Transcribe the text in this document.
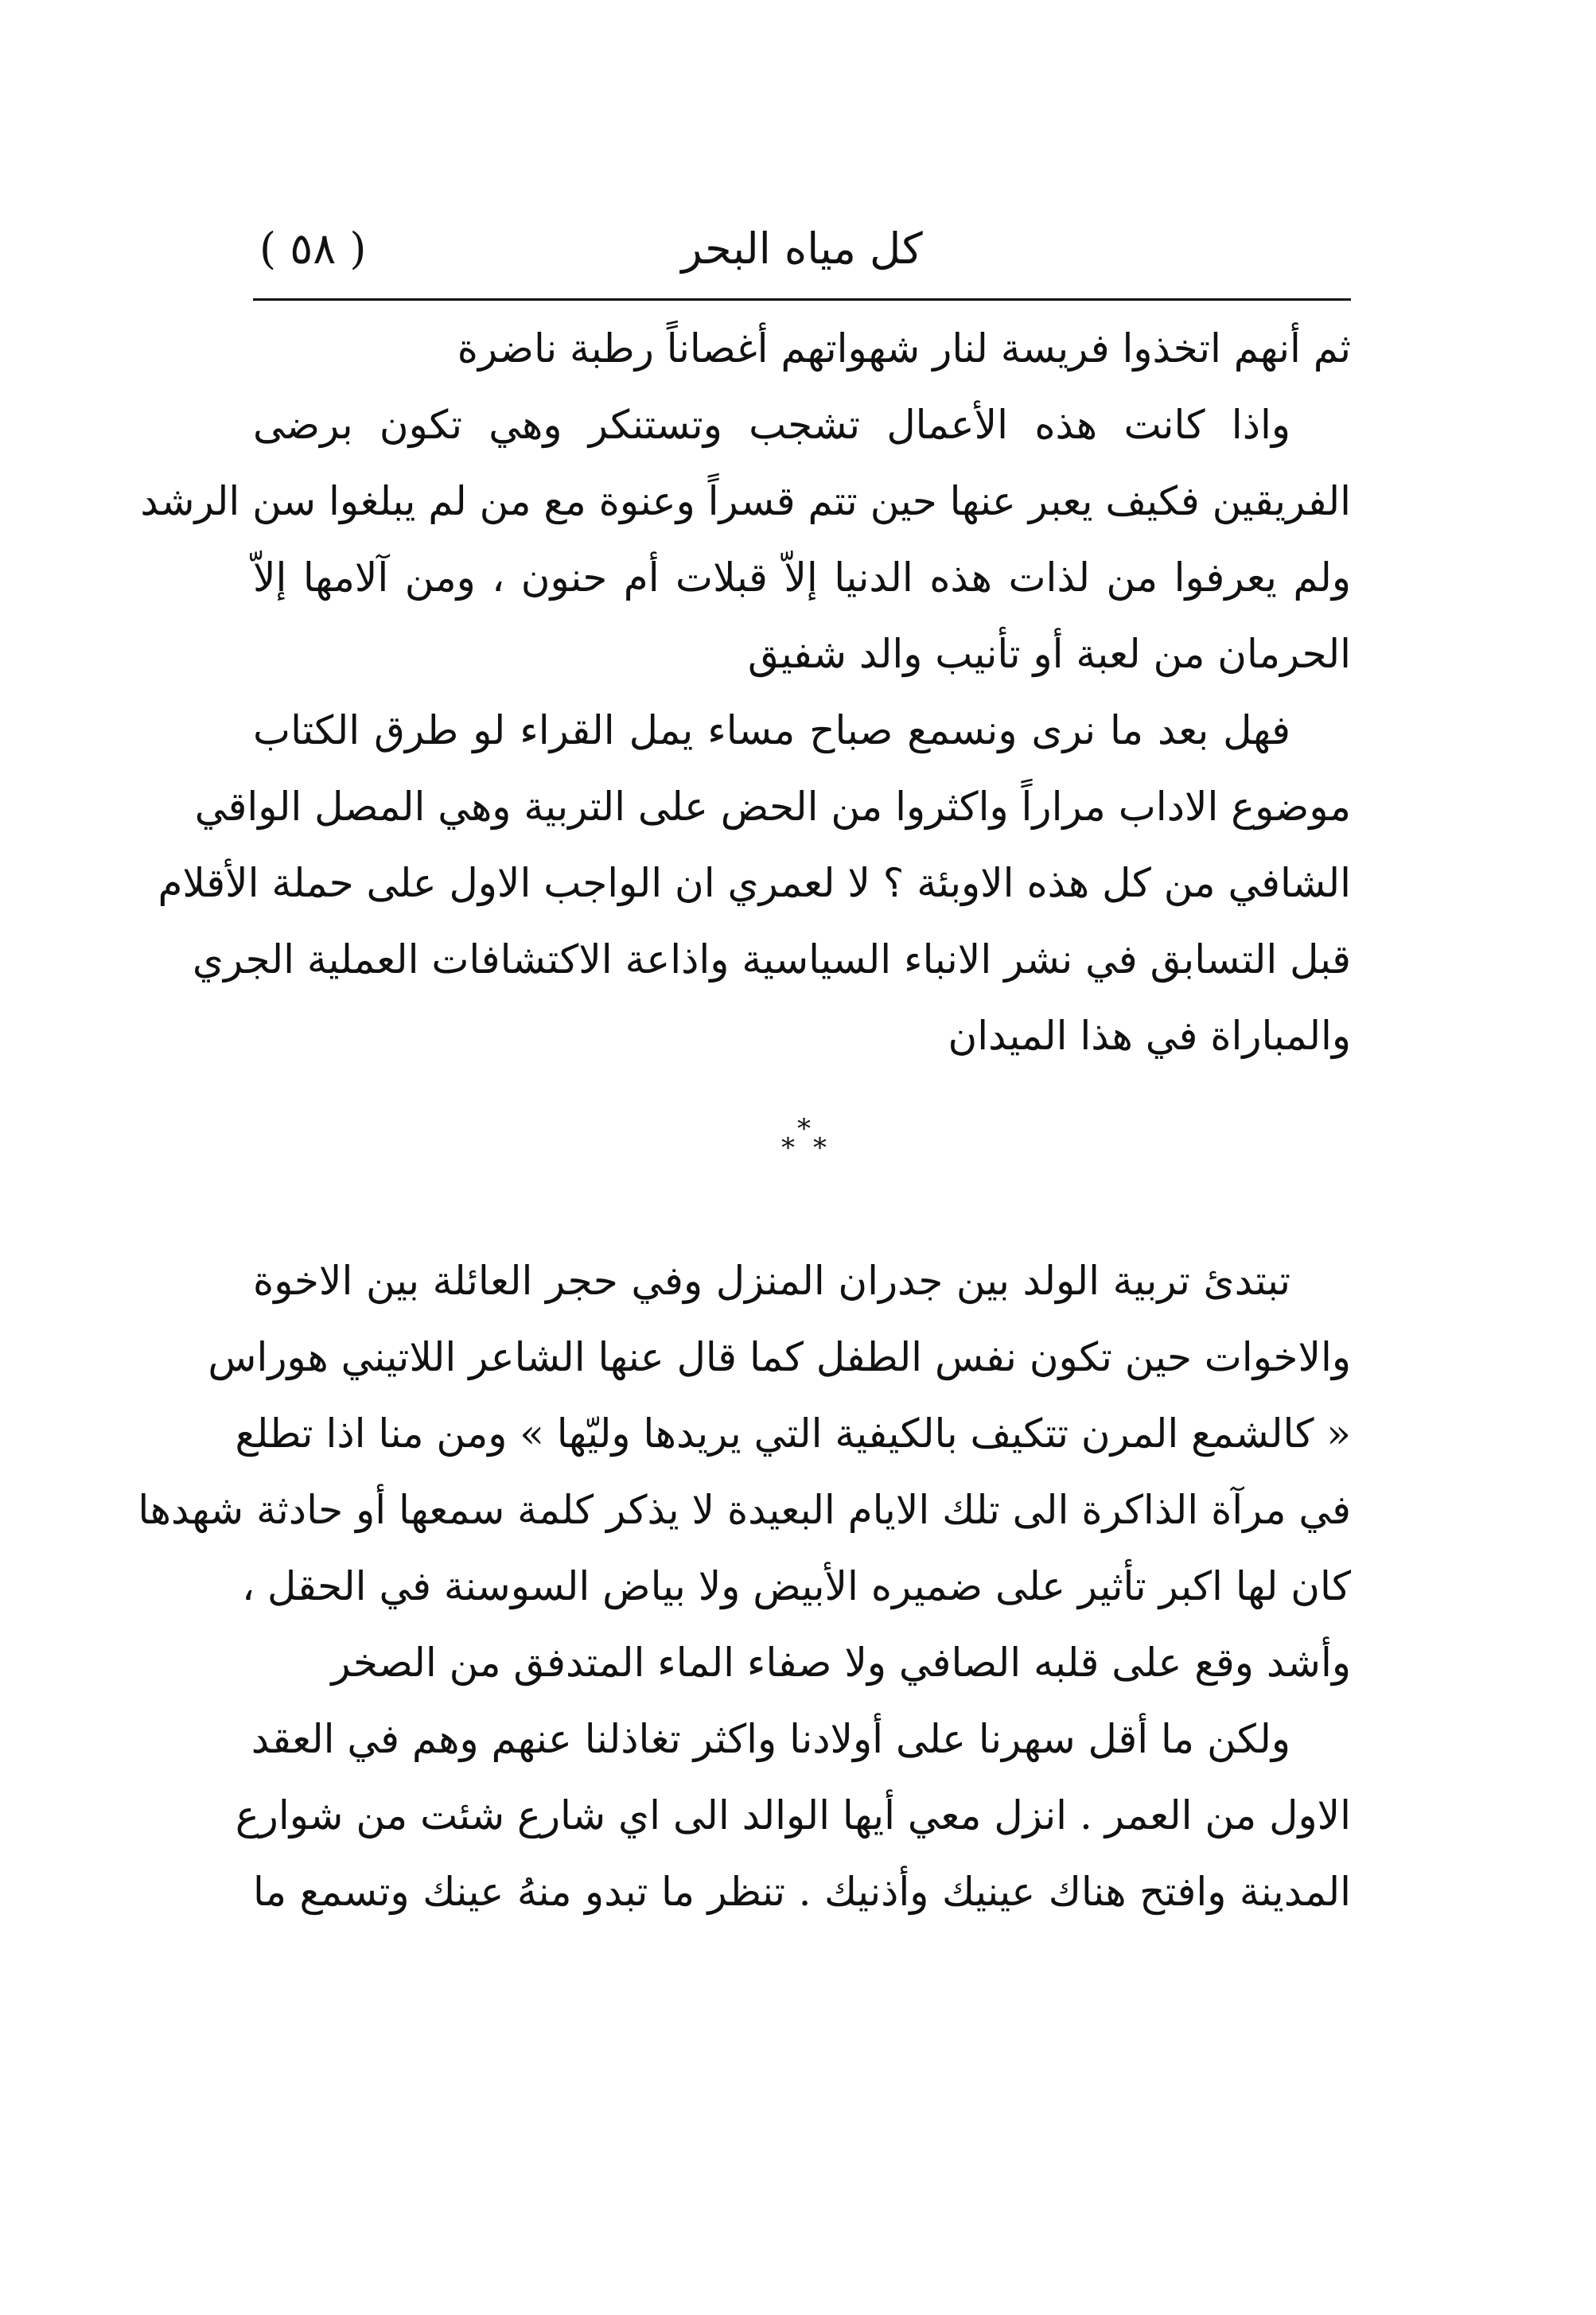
كل مياه البحر
( ٥٨ )
ثم أنهم اتخذوا فريسة لنار شهواتهم أغصاناً رطبة ناضرة
واذا كانت هذه الأعمال تشجب وتستنكر وهي تكون برضى
الفريقين فكيف يعبر عنها حين تتم قسراً وعنوة مع من لم يبلغوا سن الرشد
ولم يعرفوا من لذات هذه الدنيا إلاّ قبلات أم حنون ، ومن آلامها إلاّ
الحرمان من لعبة أو تأنيب والد شفيق
فهل بعد ما نرى ونسمع صباح مساء يمل القراء لو طرق الكتاب
موضوع الاداب مراراً واكثروا من الحض على التربية وهي المصل الواقي
الشافي من كل هذه الاوبئة ؟ لا لعمري ان الواجب الاول على حملة الأقلام
قبل التسابق في نشر الانباء السياسية واذاعة الاكتشافات العملية الجري
والمباراة في هذا الميدان
*
* *
تبتدئ تربية الولد بين جدران المنزل وفي حجر العائلة بين الاخوة
والاخوات حين تكون نفس الطفل كما قال عنها الشاعر اللاتيني هوراس
« كالشمع المرن تتكيف بالكيفية التي يريدها وليّها » ومن منا اذا تطلع
في مرآة الذاكرة الى تلك الايام البعيدة لا يذكر كلمة سمعها أو حادثة شهدها
كان لها اكبر تأثير على ضميره الأبيض ولا بياض السوسنة في الحقل ،
وأشد وقع على قلبه الصافي ولا صفاء الماء المتدفق من الصخر
ولكن ما أقل سهرنا على أولادنا واكثر تغاذلنا عنهم وهم في العقد
الاول من العمر . انزل معي أيها الوالد الى اي شارع شئت من شوارع
المدينة وافتح هناك عينيك وأذنيك . تنظر ما تبدو منهُ عينك وتسمع ما
